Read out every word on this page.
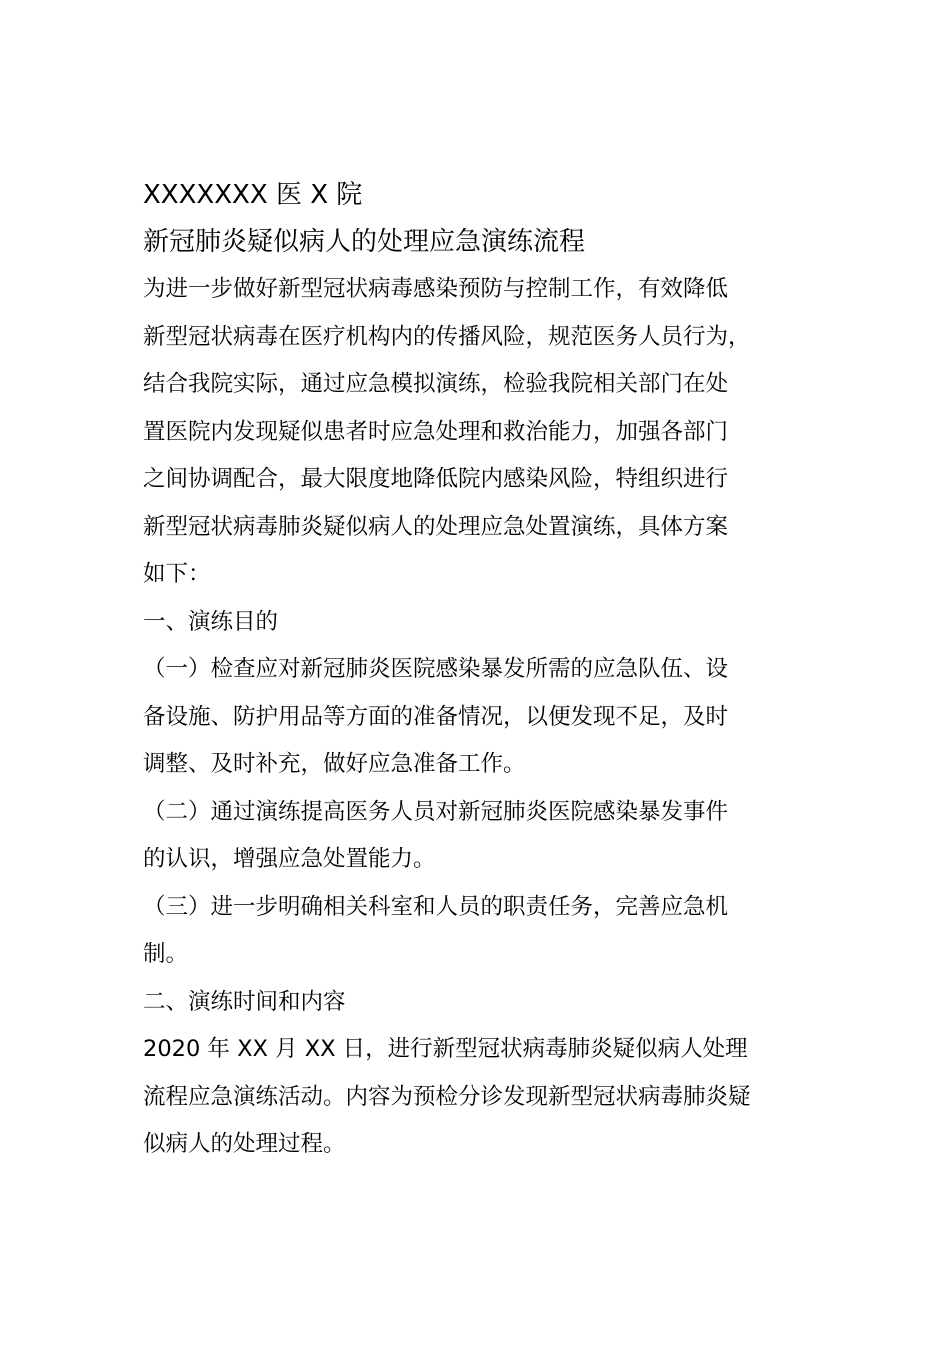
XXXXXXX 医 X 院
新冠肺炎疑似病人的处理应急演练流程

为进一步做好新型冠状病毒感染预防与控制工作，有效降低

新型冠状病毒在医疗机构内的传播风险，规范医务人员行为，

结合我院实际，通过应急模拟演练，检验我院相关部门在处

置医院内发现疑似患者时应急处理和救治能力，加强各部门

之间协调配合，最大限度地降低院内感染风险，特组织进行

新型冠状病毒肺炎疑似病人的处理应急处置演练，具体方案

如下：

一、演练目的

（一）检查应对新冠肺炎医院感染暴发所需的应急队伍、设

备设施、防护用品等方面的准备情况，以便发现不足，及时

调整、及时补充，做好应急准备工作。

（二）通过演练提高医务人员对新冠肺炎医院感染暴发事件

的认识，增强应急处置能力。

（三）进一步明确相关科室和人员的职责任务，完善应急机

制。

二、演练时间和内容

2020 年 XX 月 XX 日，进行新型冠状病毒肺炎疑似病人处理

流程应急演练活动。内容为预检分诊发现新型冠状病毒肺炎疑

似病人的处理过程。
